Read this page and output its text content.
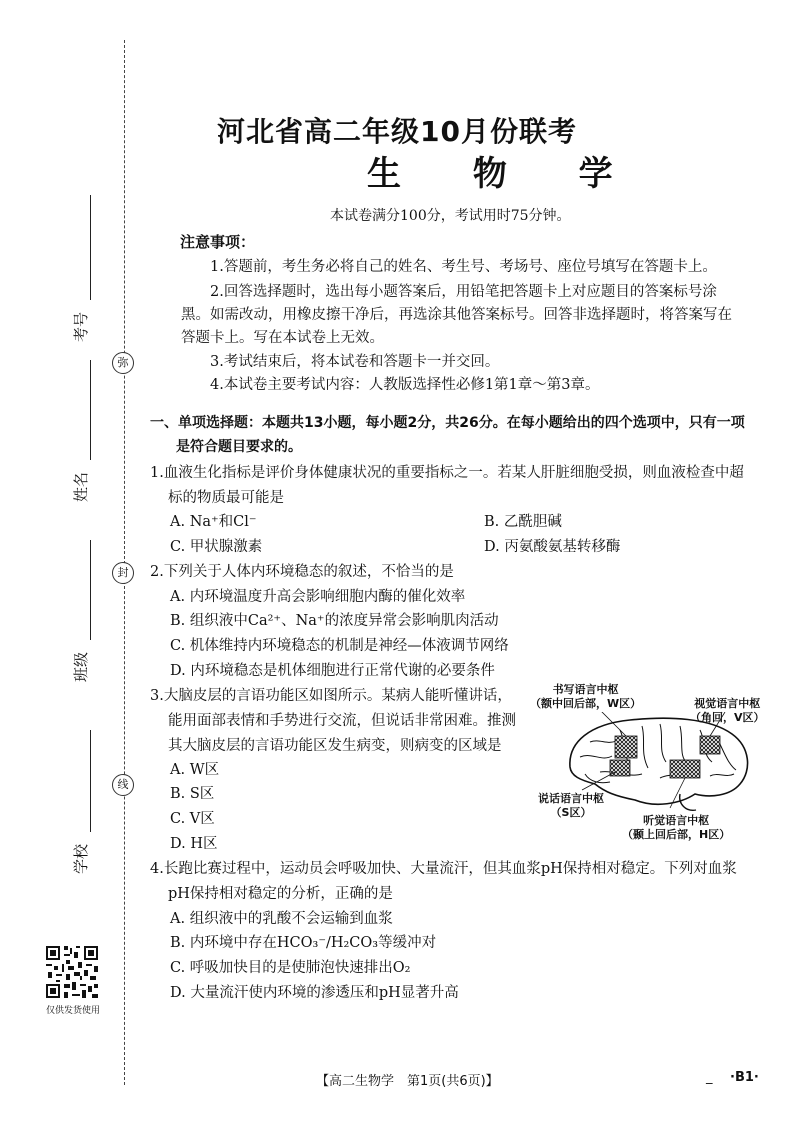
弥
封
线
考号
姓名
班级
学校
仅供发货使用
河北省高二年级10月份联考
生 物 学
本试卷满分100分，考试用时75分钟。
注意事项：
1.答题前，考生务必将自己的姓名、考生号、考场号、座位号填写在答题卡上。
2.回答选择题时，选出每小题答案后，用铅笔把答题卡上对应题目的答案标号涂
黑。如需改动，用橡皮擦干净后，再选涂其他答案标号。回答非选择题时，将答案写在
答题卡上。写在本试卷上无效。
3.考试结束后，将本试卷和答题卡一并交回。
4.本试卷主要考试内容：人教版选择性必修1第1章～第3章。
一、单项选择题：本题共13小题，每小题2分，共26分。在每小题给出的四个选项中，只有一项
是符合题目要求的。
1.血液生化指标是评价身体健康状况的重要指标之一。若某人肝脏细胞受损，则血液检查中超
标的物质最可能是
A. Na⁺和Cl⁻	B. 乙酰胆碱
C. 甲状腺激素	D. 丙氨酸氨基转移酶
2.下列关于人体内环境稳态的叙述，不恰当的是
A. 内环境温度升高会影响细胞内酶的催化效率
B. 组织液中Ca²⁺、Na⁺的浓度异常会影响肌肉活动
C. 机体维持内环境稳态的机制是神经—体液调节网络
D. 内环境稳态是机体细胞进行正常代谢的必要条件
3.大脑皮层的言语功能区如图所示。某病人能听懂讲话，
能用面部表情和手势进行交流，但说话非常困难。推测
其大脑皮层的言语功能区发生病变，则病变的区域是
A. W区
B. S区
C. V区
D. H区
书写语言中枢
（额中回后部，W区）	视觉语言中枢
（角回，V区）
说话语言中枢
（S区）
听觉语言中枢
（颞上回后部，H区）
4.长跑比赛过程中，运动员会呼吸加快、大量流汗，但其血浆pH保持相对稳定。下列对血浆
pH保持相对稳定的分析，正确的是
A. 组织液中的乳酸不会运输到血浆
B. 内环境中存在HCO₃⁻/H₂CO₃等缓冲对
C. 呼吸加快目的是使肺泡快速排出O₂
D. 大量流汗使内环境的渗透压和pH显著升高
【高二生物学　第1页(共6页)】	_ ·B1·
